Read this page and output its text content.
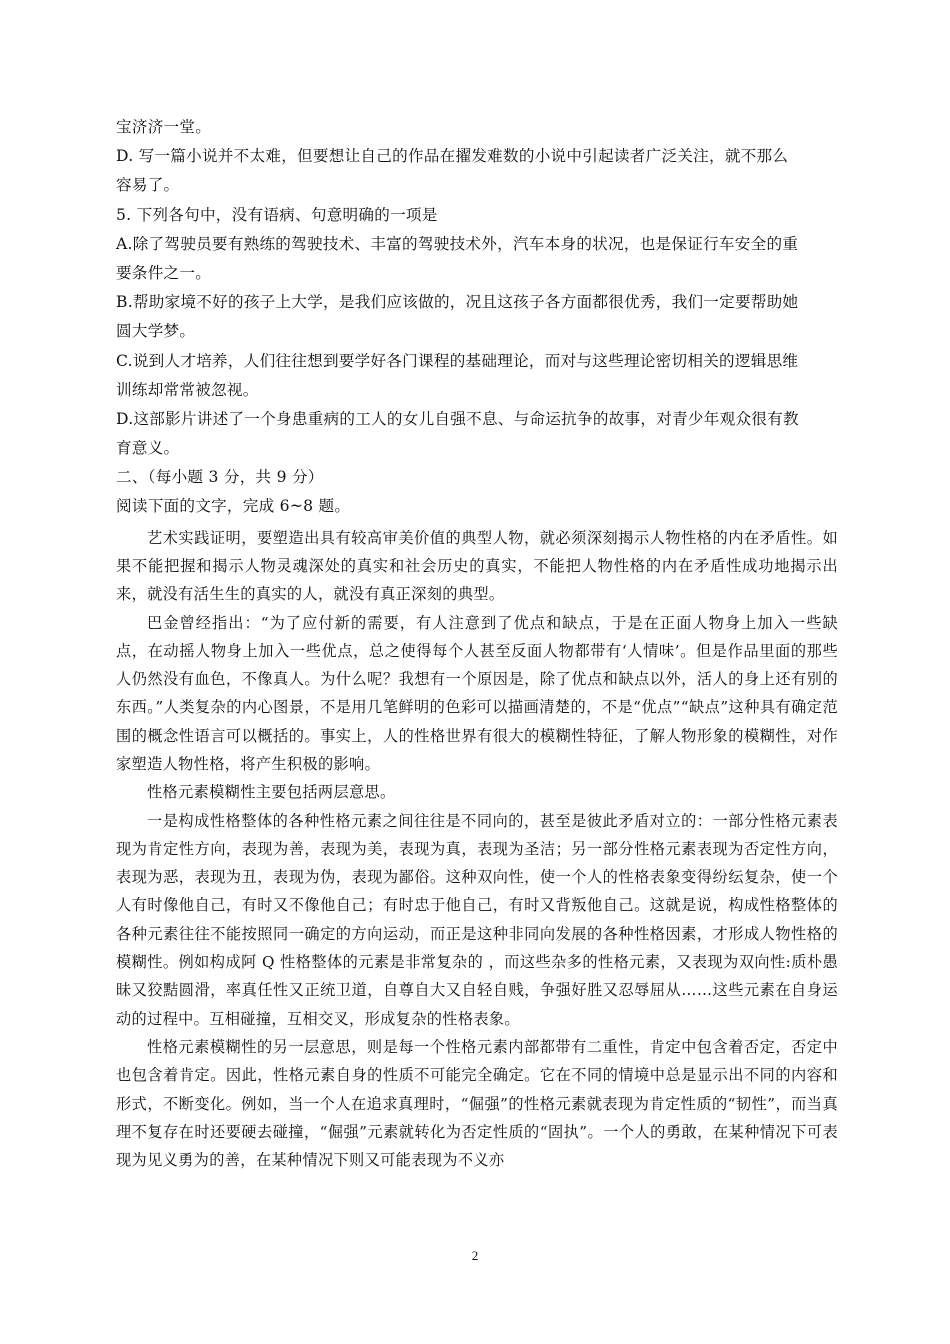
宝济济一堂。
D. 写一篇小说并不太难，但要想让自己的作品在擢发难数的小说中引起读者广泛关注，就不那么
容易了。
5. 下列各句中，没有语病、句意明确的一项是
A.除了驾驶员要有熟练的驾驶技术、丰富的驾驶技术外，汽车本身的状况，也是保证行车安全的重
要条件之一。
B.帮助家境不好的孩子上大学，是我们应该做的，况且这孩子各方面都很优秀，我们一定要帮助她
圆大学梦。
C.说到人才培养，人们往往想到要学好各门课程的基础理论，而对与这些理论密切相关的逻辑思维
训练却常常被忽视。
D.这部影片讲述了一个身患重病的工人的女儿自强不息、与命运抗争的故事，对青少年观众很有教
育意义。
二、（每小题 3 分，共 9 分）
阅读下面的文字，完成 6~8 题。

艺术实践证明，要塑造出具有较高审美价值的典型人物，就必须深刻揭示人物性格的内在矛盾性。如果不能把握和揭示人物灵魂深处的真实和社会历史的真实，不能把人物性格的内在矛盾性成功地揭示出来，就没有活生生的真实的人，就没有真正深刻的典型。

巴金曾经指出：“为了应付新的需要，有人注意到了优点和缺点，于是在正面人物身上加入一些缺点，在动摇人物身上加入一些优点，总之使得每个人甚至反面人物都带有‘人情味’。但是作品里面的那些人仍然没有血色，不像真人。为什么呢？我想有一个原因是，除了优点和缺点以外，活人的身上还有别的东西。”人类复杂的内心图景，不是用几笔鲜明的色彩可以描画清楚的，不是“优点”“缺点”这种具有确定范围的概念性语言可以概括的。事实上，人的性格世界有很大的模糊性特征，了解人物形象的模糊性，对作家塑造人物性格，将产生积极的影响。

性格元素模糊性主要包括两层意思。

一是构成性格整体的各种性格元素之间往往是不同向的，甚至是彼此矛盾对立的：一部分性格元素表现为肯定性方向，表现为善，表现为美，表现为真，表现为圣洁；另一部分性格元素表现为否定性方向，表现为恶，表现为丑，表现为伪，表现为鄙俗。这种双向性，使一个人的性格表象变得纷纭复杂，使一个人有时像他自己，有时又不像他自己；有时忠于他自己，有时又背叛他自己。这就是说，构成性格整体的各种元素往往不能按照同一确定的方向运动，而正是这种非同向发展的各种性格因素，才形成人物性格的模糊性。例如构成阿 Q 性格整体的元素是非常复杂的 ，而这些杂多的性格元素，又表现为双向性:质朴愚昧又狡黠圆滑，率真任性又正统卫道，自尊自大又自轻自贱，争强好胜又忍辱屈从……这些元素在自身运动的过程中。互相碰撞，互相交叉，形成复杂的性格表象。

性格元素模糊性的另一层意思，则是每一个性格元素内部都带有二重性，肯定中包含着否定，否定中也包含着肯定。因此，性格元素自身的性质不可能完全确定。它在不同的情境中总是显示出不同的内容和形式，不断变化。例如，当一个人在追求真理时，“倔强”的性格元素就表现为肯定性质的“韧性”，而当真理不复存在时还要硬去碰撞，“倔强”元素就转化为否定性质的“固执”。一个人的勇敢，在某种情况下可表现为见义勇为的善，在某种情况下则又可能表现为不义亦

2
